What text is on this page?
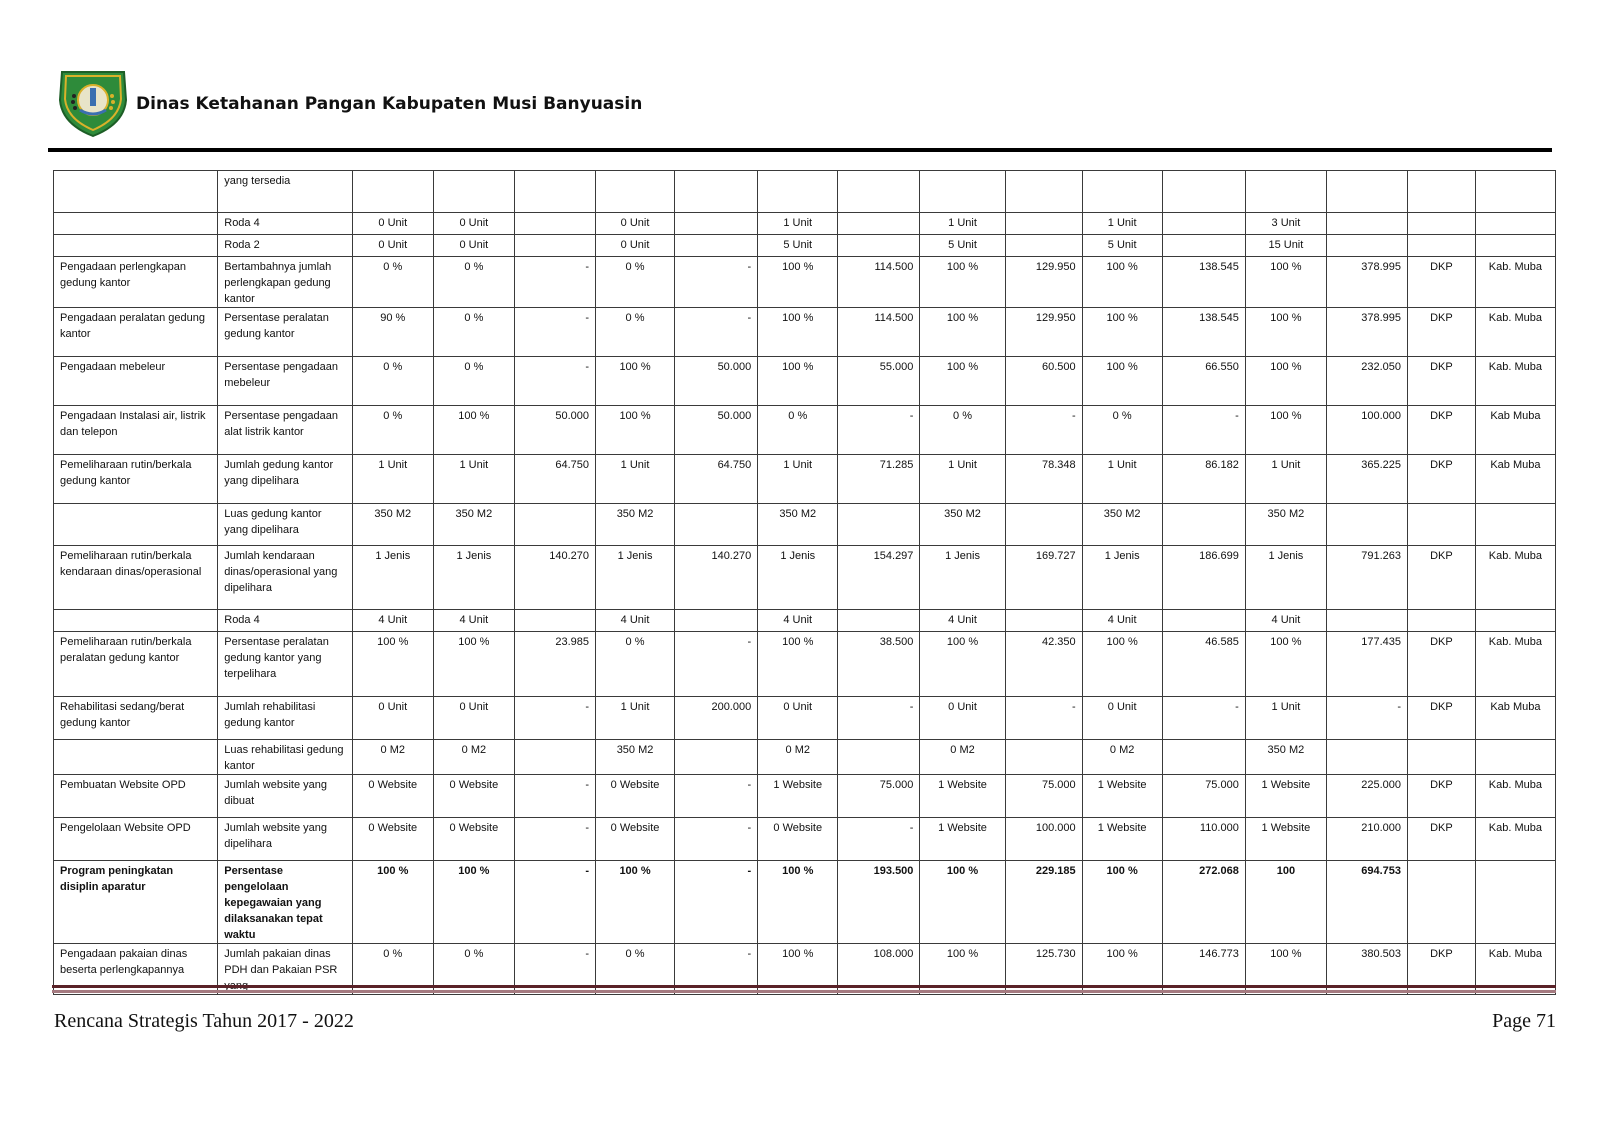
Dinas Ketahanan Pangan Kabupaten Musi Banyuasin
	yang tersedia															
	Roda 4	0 Unit	0 Unit		0 Unit		1 Unit		1 Unit		1 Unit		3 Unit			
	Roda 2	0 Unit	0 Unit		0 Unit		5 Unit		5 Unit		5 Unit		15 Unit			
Pengadaan perlengkapan gedung kantor	Bertambahnya jumlah perlengkapan gedung kantor	0 %	0 %	-	0 %	-	100 %	114.500	100 %	129.950	100 %	138.545	100 %	378.995	DKP	Kab. Muba
Pengadaan peralatan gedung kantor	Persentase peralatan gedung kantor	90 %	0 %	-	0 %	-	100 %	114.500	100 %	129.950	100 %	138.545	100 %	378.995	DKP	Kab. Muba
Pengadaan mebeleur	Persentase pengadaan mebeleur	0 %	0 %	-	100 %	50.000	100 %	55.000	100 %	60.500	100 %	66.550	100 %	232.050	DKP	Kab. Muba
Pengadaan Instalasi air, listrik dan telepon	Persentase pengadaan alat listrik kantor	0 %	100 %	50.000	100 %	50.000	0 %	-	0 %	-	0 %	-	100 %	100.000	DKP	Kab Muba
Pemeliharaan rutin/berkala gedung kantor	Jumlah gedung kantor yang dipelihara	1 Unit	1 Unit	64.750	1 Unit	64.750	1 Unit	71.285	1 Unit	78.348	1 Unit	86.182	1 Unit	365.225	DKP	Kab Muba
	Luas gedung kantor yang dipelihara	350 M2	350 M2		350 M2		350 M2		350 M2		350 M2		350 M2			
Pemeliharaan rutin/berkala kendaraan dinas/operasional	Jumlah kendaraan dinas/operasional yang dipelihara	1 Jenis	1 Jenis	140.270	1 Jenis	140.270	1 Jenis	154.297	1 Jenis	169.727	1 Jenis	186.699	1 Jenis	791.263	DKP	Kab. Muba
	Roda 4	4 Unit	4 Unit		4 Unit		4 Unit		4 Unit		4 Unit		4 Unit			
Pemeliharaan rutin/berkala peralatan gedung kantor	Persentase peralatan gedung kantor yang terpelihara	100 %	100 %	23.985	0 %	-	100 %	38.500	100 %	42.350	100 %	46.585	100 %	177.435	DKP	Kab. Muba
Rehabilitasi sedang/berat gedung kantor	Jumlah rehabilitasi gedung kantor	0 Unit	0 Unit	-	1 Unit	200.000	0 Unit	-	0 Unit	-	0 Unit	-	1 Unit	-	DKP	Kab Muba
	Luas rehabilitasi gedung kantor	0 M2	0 M2		350 M2		0 M2		0 M2		0 M2		350 M2			
Pembuatan Website OPD	Jumlah website yang dibuat	0 Website	0 Website	-	0 Website	-	1 Website	75.000	1 Website	75.000	1 Website	75.000	1 Website	225.000	DKP	Kab. Muba
Pengelolaan Website OPD	Jumlah website yang dipelihara	0 Website	0 Website	-	0 Website	-	0 Website	-	1 Website	100.000	1 Website	110.000	1 Website	210.000	DKP	Kab. Muba
Program peningkatan disiplin aparatur	Persentase pengelolaan kepegawaian yang dilaksanakan tepat waktu	100 %	100 %	-	100 %	-	100 %	193.500	100 %	229.185	100 %	272.068	100	694.753		
Pengadaan pakaian dinas beserta perlengkapannya	Jumlah pakaian dinas PDH dan Pakaian PSR	0 %	0 %	-	0 %	-	100 %	108.000	100 %	125.730	100 %	146.773	100 %	380.503	DKP	Kab. Muba
Rencana Strategis Tahun 2017 - 2022	Page 71
